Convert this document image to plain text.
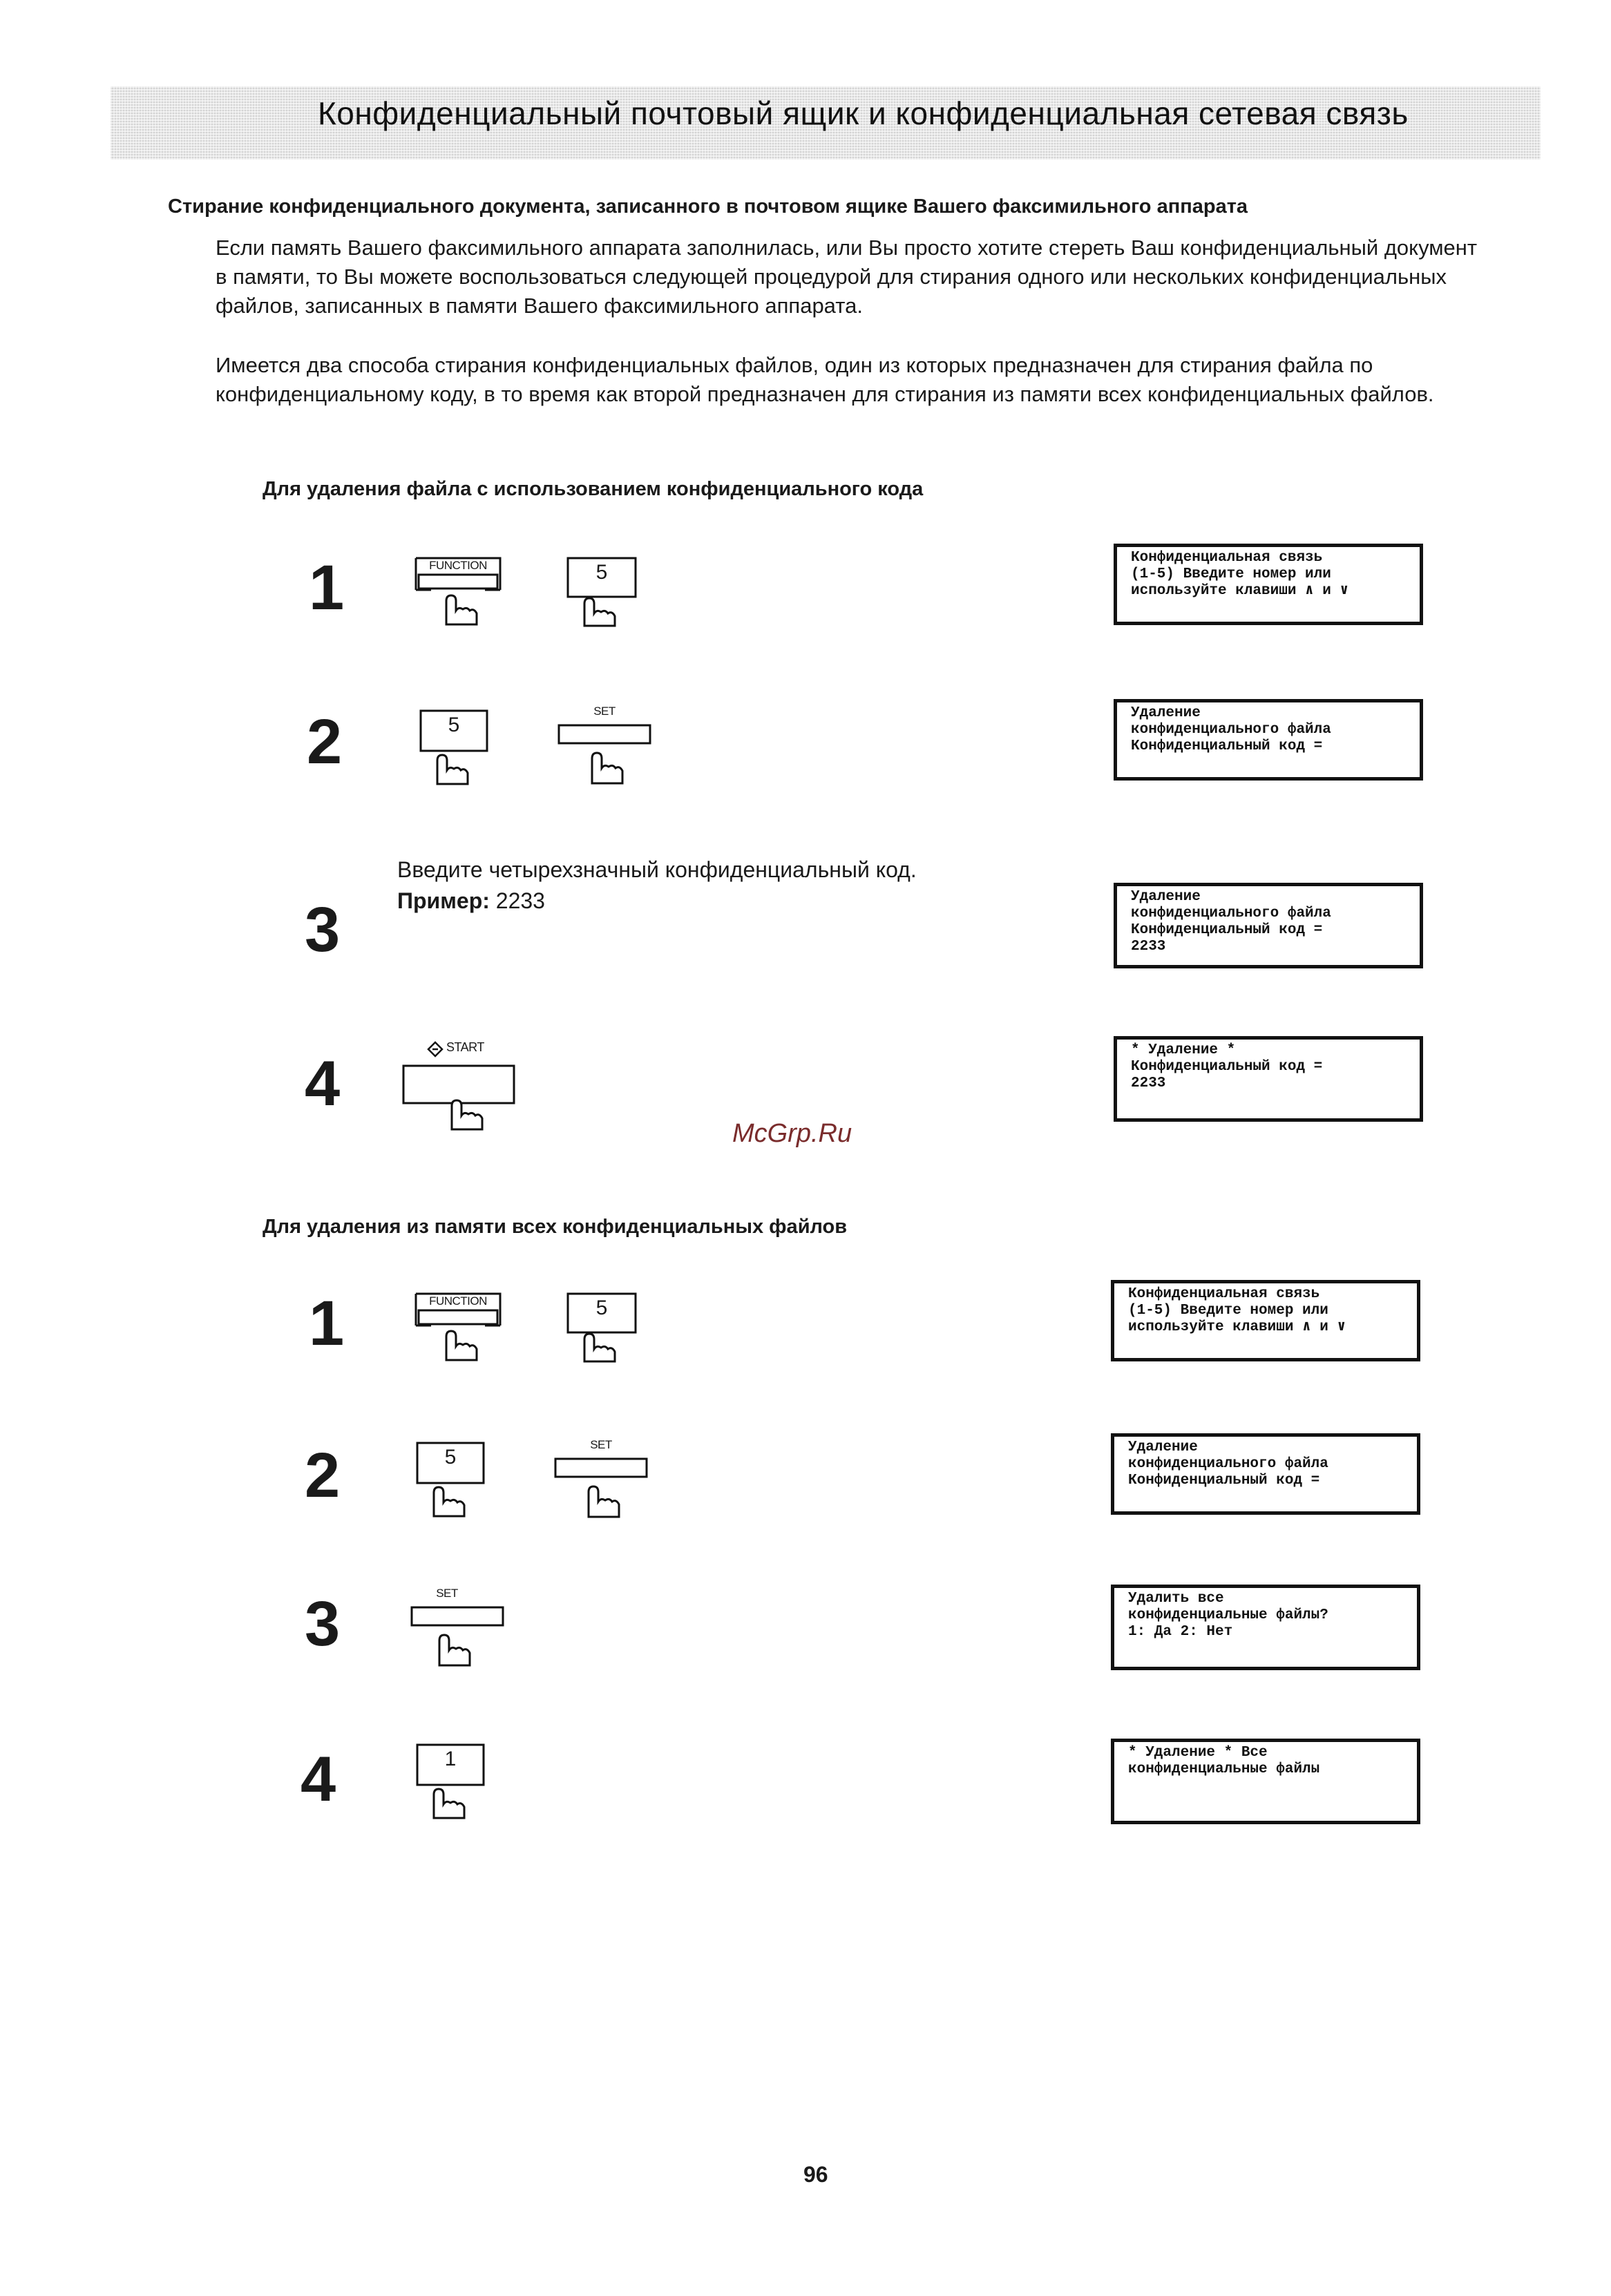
Конфиденциальный почтовый ящик и конфиденциальная сетевая связь
Стирание конфиденциального документа, записанного в почтовом ящике Вашего факсимильного аппарата
Если память Вашего факсимильного аппарата заполнилась, или Вы просто хотите стереть Ваш конфиденциальный документ в памяти, то Вы можете воспользоваться следующей процедурой для стирания одного или нескольких конфиденциальных файлов, записанных в памяти Вашего факсимильного аппарата.
Имеется два способа стирания конфиденциальных файлов, один из которых предназначен для стирания файла по конфиденциальному коду, в то время как второй предназначен для стирания из памяти всех конфиденциальных файлов.
Для удаления файла с использованием конфиденциального кода
1	FUNCTION	5
Конфиденциальная связь
(1-5) Введите номер или
используйте клавиши ∧ и ∨
2	5
SET	Удаление
конфиденциального файла
Конфиденциальный код =
3
Введите четырехзначный конфиденциальный код.
Пример: 2233	Удаление
конфиденциального файла
Конфиденциальный код =
2233
4
START	* Удаление *
Конфиденциальный код =
2233
McGrp.Ru
Для удаления из памяти всех конфиденциальных файлов
1	FUNCTION	5
Конфиденциальная связь
(1-5) Введите номер или
используйте клавиши ∧ и ∨
2	5
SET	Удаление
конфиденциального файла
Конфиденциальный код =
3	SET	Удалить все
конфиденциальные файлы?
1: Да 2: Нет
4	1	* Удаление * Все
конфиденциальные файлы
96
